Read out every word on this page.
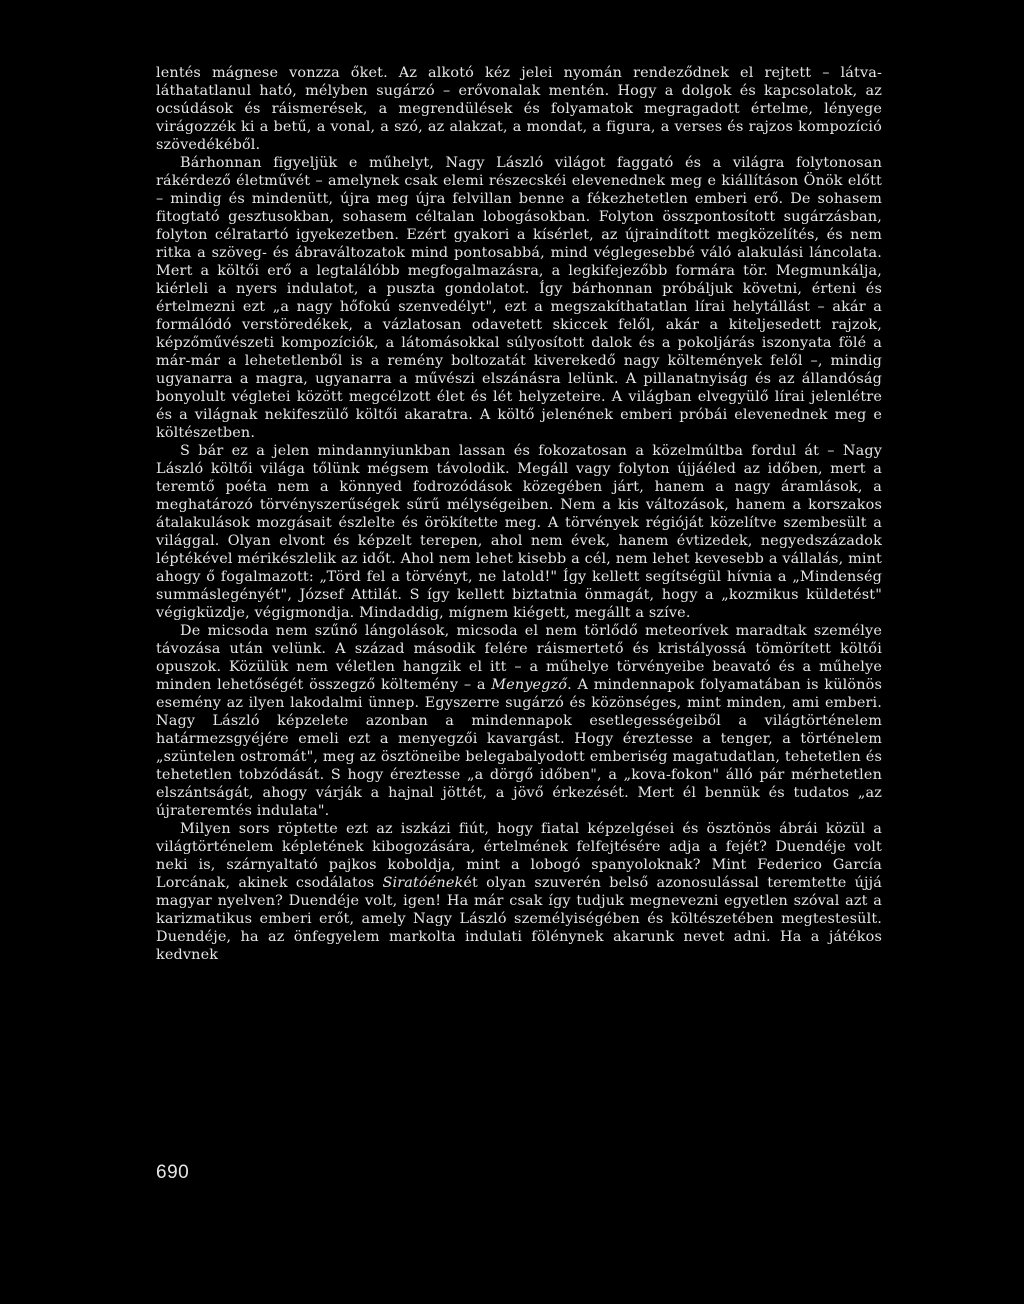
lentés mágnese vonzza őket. Az alkotó kéz jelei nyomán rendeződnek el rejtett – látva-láthatatlanul ható, mélyben sugárzó – erővonalak mentén. Hogy a dolgok és kapcsolatok, az ocsúdások és ráismerések, a megrendülések és folyamatok megragadott értelme, lényege virágozzék ki a betű, a vonal, a szó, az alakzat, a mondat, a figura, a verses és rajzos kompozíció szövedékéből.

Bárhonnan figyeljük e műhelyt, Nagy László világot faggató és a világra folytonosan rákérdező életművét – amelynek csak elemi részecskéi elevenednek meg e kiállításon Önök előtt – mindig és mindenütt, újra meg újra felvillan benne a fékezhetetlen emberi erő. De sohasem fitogtató gesztusokban, sohasem céltalan lobogásokban. Folyton összpontosított sugárzásban, folyton célratartó igyekezetben. Ezért gyakori a kísérlet, az újraindított megközelítés, és nem ritka a szöveg- és ábraváltozatok mind pontosabbá, mind véglegesebbé váló alakulási láncolata. Mert a költői erő a legtalálóbb megfogalmazásra, a legkifejezőbb formára tör. Megmunkálja, kiérleli a nyers indulatot, a puszta gondolatot. Így bárhonnan próbáljuk követni, érteni és értelmezni ezt „a nagy hőfokú szenvedélyt", ezt a megszakíthatatlan lírai helytállást – akár a formálódó verstöredékek, a vázlatosan odavetett skiccek felől, akár a kiteljesedett rajzok, képzőművészeti kompozíciók, a látomásokkal súlyosított dalok és a pokoljárás iszonyata fölé a már-már a lehetetlenből is a remény boltozatát kiverekedő nagy költemények felől –, mindig ugyanarra a magra, ugyanarra a művészi elszánásra lelünk. A pillanatnyiság és az állandóság bonyolult végletei között megcélzott élet és lét helyzeteire. A világban elvegyülő lírai jelenlétre és a világnak nekifeszülő költői akaratra. A költő jelenének emberi próbái elevenednek meg e költészetben.

S bár ez a jelen mindannyiunkban lassan és fokozatosan a közelmúltba fordul át – Nagy László költői világa tőlünk mégsem távolodik. Megáll vagy folyton újjáéled az időben, mert a teremtő poéta nem a könnyed fodrozódások közegében járt, hanem a nagy áramlások, a meghatározó törvényszerűségek sűrű mélységeiben. Nem a kis változások, hanem a korszakos átalakulások mozgásait észlelte és örökítette meg. A törvények régióját közelítve szembesült a világgal. Olyan elvont és képzelt terepen, ahol nem évek, hanem évtizedek, negyedszázadok léptékével mérikészlelik az időt. Ahol nem lehet kisebb a cél, nem lehet kevesebb a vállalás, mint ahogy ő fogalmazott: „Törd fel a törvényt, ne latold!" Így kellett segítségül hívnia a „Mindenség summáslegényét", József Attilát. S így kellett biztatnia önmagát, hogy a „kozmikus küldetést" végigküzdje, végigmondja. Mindaddig, mígnem kiégett, megállt a szíve.

De micsoda nem szűnő lángolások, micsoda el nem törlődő meteorívek maradtak személye távozása után velünk. A század második felére ráismertető és kristályossá tömörített költői opuszok. Közülük nem véletlen hangzik el itt – a műhelye törvényeibe beavató és a műhelye minden lehetőségét összegző költemény – a Menyegző. A mindennapok folyamatában is különös esemény az ilyen lakodalmi ünnep. Egyszerre sugárzó és közönséges, mint minden, ami emberi. Nagy László képzelete azonban a mindennapok esetlegességeiből a világtörténelem határmezsgyéjére emeli ezt a menyegzői kavargást. Hogy éreztesse a tenger, a történelem „szüntelen ostromát", meg az ösztöneibe belegabalyodott emberiség magatudatlan, tehetetlen és tehetetlen tobzódását. S hogy éreztesse „a dörgő időben", a „kova-fokon" álló pár mérhetetlen elszántságát, ahogy várják a hajnal jöttét, a jövő érkezését. Mert él bennük és tudatos „az újrateremtés indulata".

Milyen sors röptette ezt az iszkázi fiút, hogy fiatal képzelgései és ösztönös ábrái közül a világtörténelem képletének kibogozására, értelmének felfejtésére adja a fejét? Duendéje volt neki is, szárnyaltató pajkos koboldja, mint a lobogó spanyoloknak? Mint Federico García Lorcának, akinek csodálatos Siratóénekét olyan szuverén belső azonosulással teremtette újjá magyar nyelven? Duendéje volt, igen! Ha már csak így tudjuk megnevezni egyetlen szóval azt a karizmatikus emberi erőt, amely Nagy László személyiségében és költészetében megtestesült. Duendéje, ha az önfegyelem markolta indulati fölénynek akarunk nevet adni. Ha a játékos kedvnek

690
